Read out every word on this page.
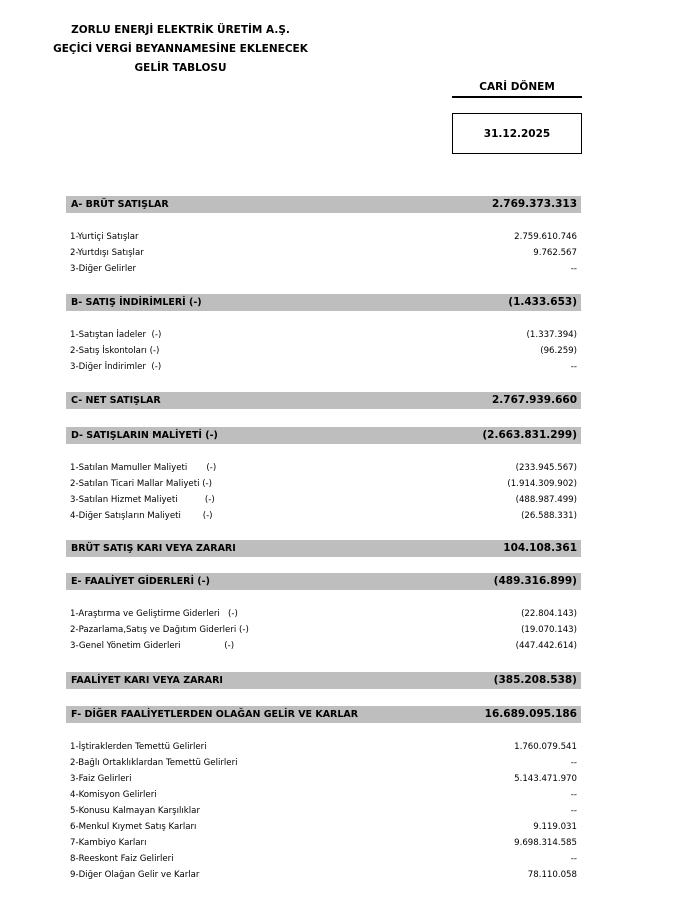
ZORLU ENERJİ ELEKTRİK ÜRETİM A.Ş.
GEÇİCİ VERGİ BEYANNAMESİNE EKLENECEK
GELİR TABLOSU
CARİ DÖNEM
31.12.2025
A- BRÜT SATIŞLAR	2.769.373.313
1-Yurtiçi Satışlar	2.759.610.746
2-Yurtdışı Satışlar	9.762.567
3-Diğer Gelirler	--
B- SATIŞ İNDİRİMLERİ (-)	(1.433.653)
1-Satıştan İadeler  (-)	(1.337.394)
2-Satış İskontoları (-)	(96.259)
3-Diğer İndirimler  (-)	--
C- NET SATIŞLAR	2.767.939.660
D- SATIŞLARIN MALİYETİ (-)	(2.663.831.299)
1-Satılan Mamuller Maliyeti       (-)	(233.945.567)
2-Satılan Ticari Mallar Maliyeti (-)	(1.914.309.902)
3-Satılan Hizmet Maliyeti          (-)	(488.987.499)
4-Diğer Satışların Maliyeti        (-)	(26.588.331)
BRÜT SATIŞ KARI VEYA ZARARI	104.108.361
E- FAALİYET GİDERLERİ (-)	(489.316.899)
1-Araştırma ve Geliştirme Giderleri   (-)	(22.804.143)
2-Pazarlama,Satış ve Dağıtım Giderleri (-)	(19.070.143)
3-Genel Yönetim Giderleri                (-)	(447.442.614)
FAALİYET KARI VEYA ZARARI	(385.208.538)
F- DİĞER FAALİYETLERDEN OLAĞAN GELİR VE KARLAR	16.689.095.186
1-İştiraklerden Temettü Gelirleri	1.760.079.541
2-Bağlı Ortaklıklardan Temettü Gelirleri	--
3-Faiz Gelirleri	5.143.471.970
4-Komisyon Gelirleri	--
5-Konusu Kalmayan Karşılıklar	--
6-Menkul Kıymet Satış Karları	9.119.031
7-Kambiyo Karları	9.698.314.585
8-Reeskont Faiz Gelirleri	--
9-Diğer Olağan Gelir ve Karlar	78.110.058
